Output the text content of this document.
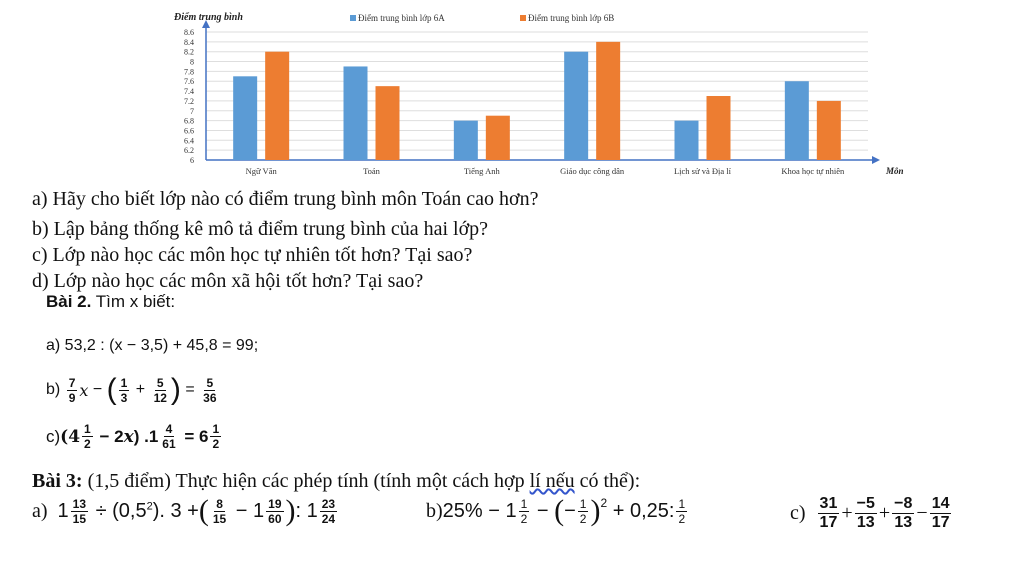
8.6
8.4
8.2
8
7.8
7.6
7.4
7.2
7
6.8
6.6
6.4
6.2
6
Điểm trung bình
Môn
Điểm trung bình lớp 6A	Điểm trung bình lớp 6B
Ngữ Văn	Toán	Tiếng Anh	Giáo dục công dân	Lịch sử và Địa lí	Khoa học tự nhiên
a) Hãy cho biết lớp nào có điểm trung bình môn Toán cao hơn?
b) Lập bảng thống kê mô tả điểm trung bình của hai lớp?
c) Lớp nào học các môn học tự nhiên tốt hơn? Tại sao?
d) Lớp nào học các môn xã hội tốt hơn? Tại sao?
Bài 2. Tìm x biết:
a) 53,2 : (x − 3,5) + 45,8 = 99;
b)
$\frac{7}{9}$ x − ( $\frac{1}{3} + \frac{5}{12}$ ) = $\frac{5}{36}$
c) ($4 \frac{1}{2} - 2$ x ) $.1 \frac{4}{61} = 6 \frac{1}{2}$
Bài 3: (1,5 điểm) Thực hiện các phép tính (tính một cách hợp lí nếu có thể):
a)
$1 \frac{13}{15} \div (0,5^2)$. 3 + ( $\frac{8}{15} - 1 \frac{19}{60}$ ) : $1 \frac{23}{24}$	b) $25\% - 1 \frac{1}{2}$ − ( − $\frac{1}{2} )^2 + 0,25$: $\frac{1}{2}$	c)
$\frac{31}{17} + \frac{-5}{13} + \frac{-8}{13} - \frac{14}{17}$
